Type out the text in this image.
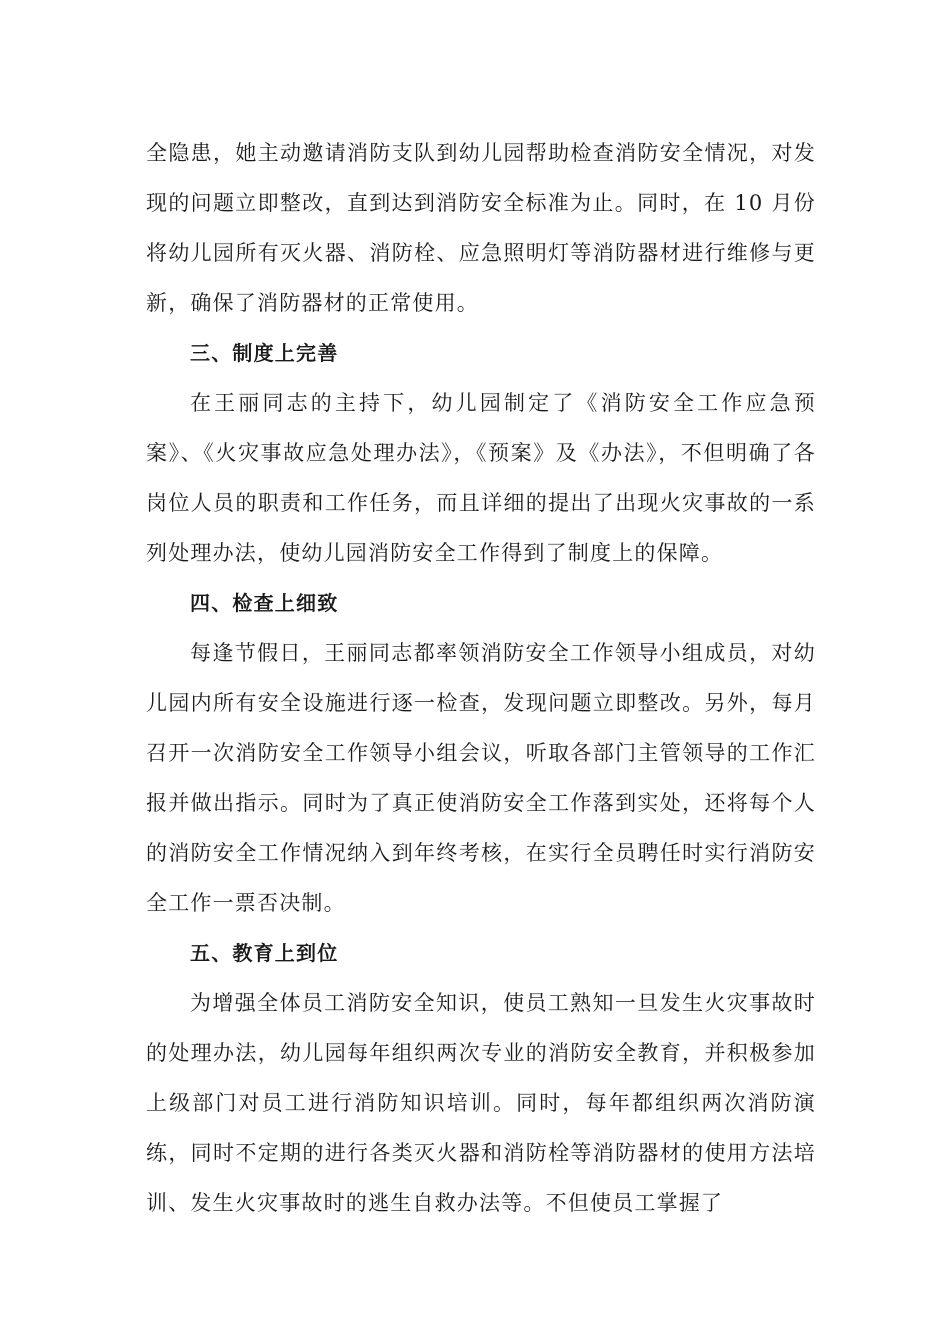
全隐患，她主动邀请消防支队到幼儿园帮助检查消防安全情况，对发现的问题立即整改，直到达到消防安全标准为止。同时，在 10 月份将幼儿园所有灭火器、消防栓、应急照明灯等消防器材进行维修与更新，确保了消防器材的正常使用。

三、制度上完善

在王丽同志的主持下，幼儿园制定了《消防安全工作应急预案》、《火灾事故应急处理办法》，《预案》及《办法》，不但明确了各岗位人员的职责和工作任务，而且详细的提出了出现火灾事故的一系列处理办法，使幼儿园消防安全工作得到了制度上的保障。

四、检查上细致

每逢节假日，王丽同志都率领消防安全工作领导小组成员，对幼儿园内所有安全设施进行逐一检查，发现问题立即整改。另外，每月召开一次消防安全工作领导小组会议，听取各部门主管领导的工作汇报并做出指示。同时为了真正使消防安全工作落到实处，还将每个人的消防安全工作情况纳入到年终考核，在实行全员聘任时实行消防安全工作一票否决制。

五、教育上到位

为增强全体员工消防安全知识，使员工熟知一旦发生火灾事故时的处理办法，幼儿园每年组织两次专业的消防安全教育，并积极参加上级部门对员工进行消防知识培训。同时，每年都组织两次消防演练，同时不定期的进行各类灭火器和消防栓等消防器材的使用方法培训、发生火灾事故时的逃生自救办法等。不但使员工掌握了
